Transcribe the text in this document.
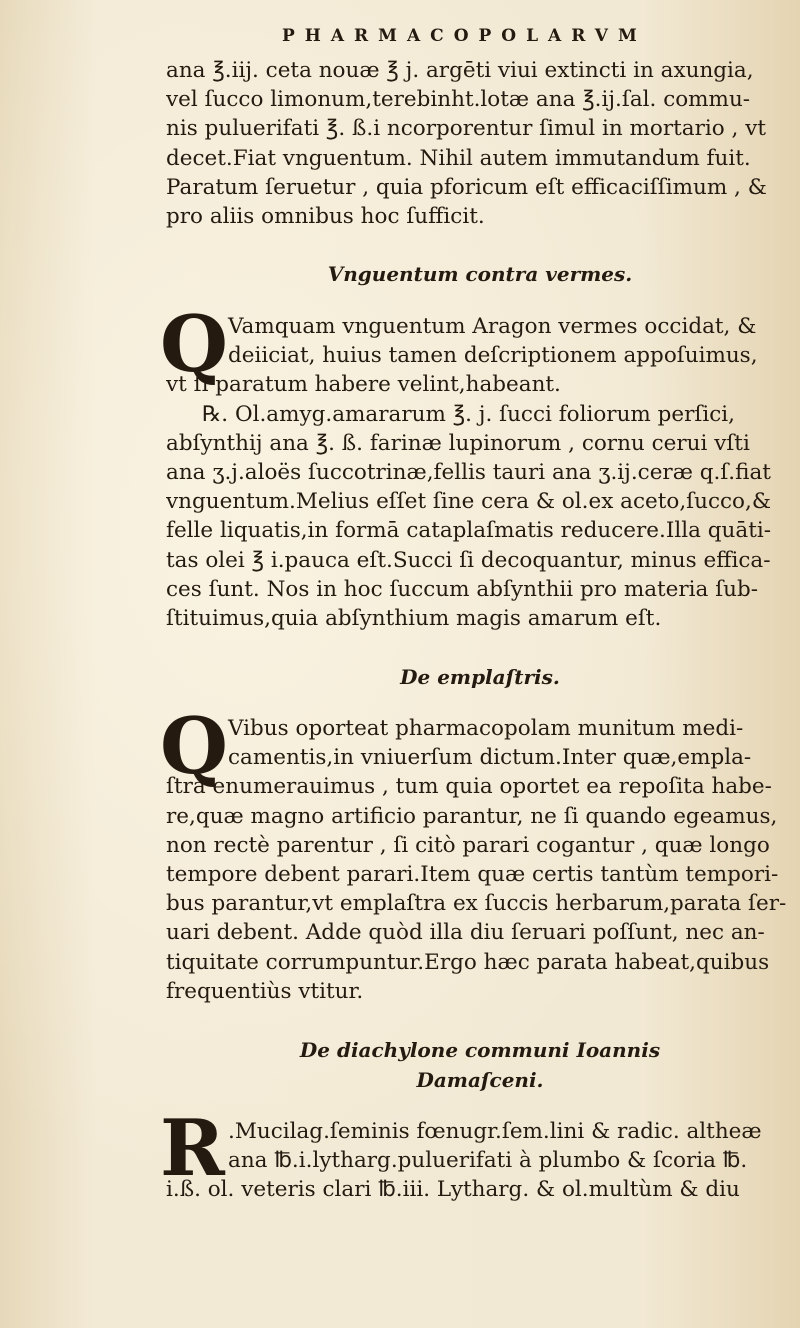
PHARMACOPOLARVM
ana ℥.iij. ceta nouæ ℥ j. argēti viui extincti in axungia,
vel ſucco limonum,terebinht.lotæ ana ℥.ij.ſal. commu-
nis puluerifati ℥. ß.i ncorporentur ſimul in mortario , vt
decet.Fiat vnguentum. Nihil autem immutandum fuit.
Paratum ſeruetur , quia pforicum eſt efficaciſſimum , &
pro aliis omnibus hoc ſufficit.
Vnguentum contra vermes.
Q Vamquam vnguentum Aragon vermes occidat, &
deiiciat, huius tamen deſcriptionem appoſuimus,
vt ſi paratum habere velint,habeant.
℞. Ol.amyg.amararum ℥. j. ſucci foliorum perſici,
abſynthij ana ℥. ß. farinæ lupinorum , cornu cerui vſti
ana ʒ.j.aloës ſuccotrinæ,fellis tauri ana ʒ.ij.ceræ q.ſ.fiat
vnguentum.Melius eſſet ſine cera & ol.ex aceto,ſucco,&
felle liquatis,in formā cataplaſmatis reducere.Illa quāti-
tas olei ℥ i.pauca eſt.Succi ſi decoquantur, minus effica-
ces ſunt. Nos in hoc ſuccum abſynthii pro materia ſub-
ſtituimus,quia abſynthium magis amarum eſt.
De emplaſtris.
Q Vibus oporteat pharmacopolam munitum medi-
camentis,in vniuerſum dictum.Inter quæ,empla-
ſtra enumerauimus , tum quia oportet ea repoſita habe-
re,quæ magno artificio parantur, ne ſi quando egeamus,
non rectè parentur , ſi citò parari cogantur , quæ longo
tempore debent parari.Item quæ certis tantùm tempori-
bus parantur,vt emplaſtra ex ſuccis herbarum,parata ſer-
uari debent. Adde quòd illa diu ſeruari poſſunt, nec an-
tiquitate corrumpuntur.Ergo hæc parata habeat,quibus
frequentiùs vtitur.
De diachylone communi Ioannis
Damaſceni.
R .Mucilag.ſeminis fœnugr.ſem.lini & radic. altheæ
ana ℔.i.lytharg.puluerifati à plumbo & ſcoria ℔.
i.ß. ol. veteris clari ℔.iii. Lytharg. & ol.multùm & diu
